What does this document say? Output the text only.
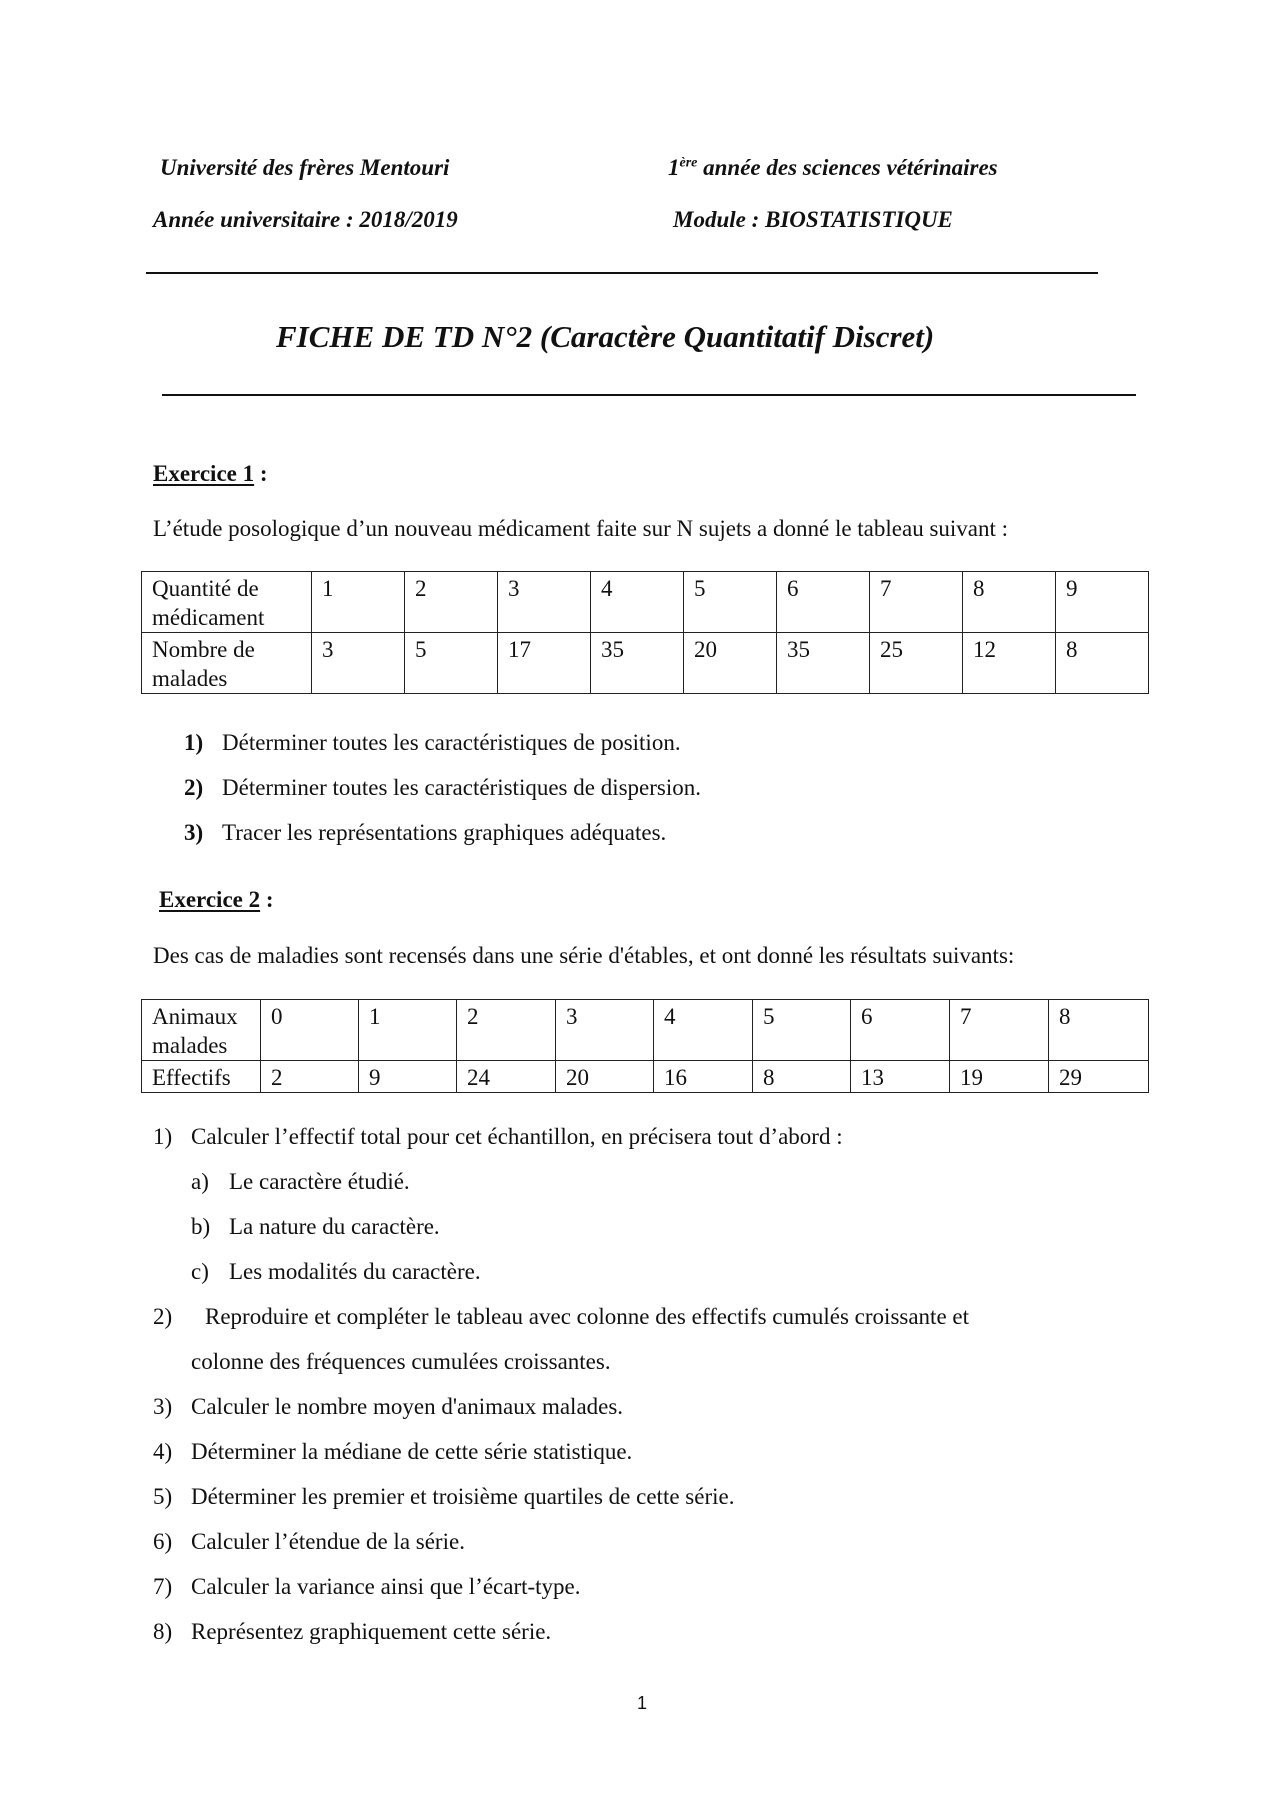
Université des frères Mentouri	1ère année des sciences vétérinaires
Année universitaire : 2018/2019	Module : BIOSTATISTIQUE
FICHE DE TD N°2 (Caractère Quantitatif Discret)
Exercice 1 :
L’étude posologique d’un nouveau médicament faite sur N sujets a donné le tableau suivant :
Quantité de médicament	1	2	3	4	5	6	7	8	9
Nombre de malades	3	5	17	35	20	35	25	12	8
1) Déterminer toutes les caractéristiques de position.
2) Déterminer toutes les caractéristiques de dispersion.
3) Tracer les représentations graphiques adéquates.
Exercice 2 :
Des cas de maladies sont recensés dans une série d'étables, et ont donné les résultats suivants:
Animaux malades	0	1	2	3	4	5	6	7	8
Effectifs	2	9	24	20	16	8	13	19	29
1) Calculer l’effectif total pour cet échantillon, en précisera tout d’abord :
a) Le caractère étudié.
b) La nature du caractère.
c) Les modalités du caractère.
2) Reproduire et compléter le tableau avec colonne des effectifs cumulés croissante et
colonne des fréquences cumulées croissantes.
3) Calculer le nombre moyen d'animaux malades.
4) Déterminer la médiane de cette série statistique.
5) Déterminer les premier et troisième quartiles de cette série.
6) Calculer l’étendue de la série.
7) Calculer la variance ainsi que l’écart-type.
8) Représentez graphiquement cette série.
1
